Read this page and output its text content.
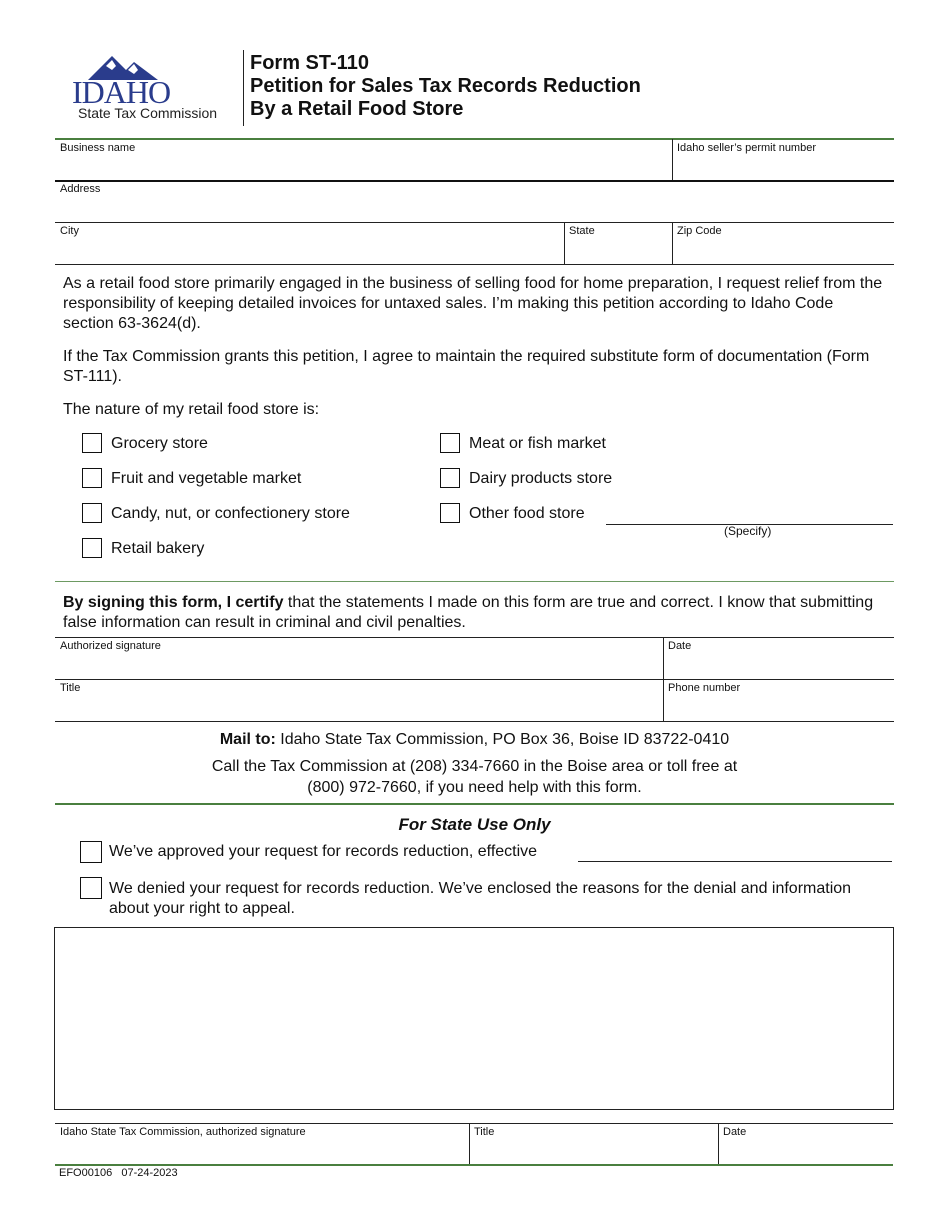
IDAHO
State Tax Commission
Form ST-110
Petition for Sales Tax Records Reduction
By a Retail Food Store
Business name	Idaho seller’s permit number
Address
City	State	Zip Code
As a retail food store primarily engaged in the business of selling food for home preparation, I request relief from the responsibility of keeping detailed invoices for untaxed sales. I’m making this petition according to Idaho Code section 63-3624(d).
If the Tax Commission grants this petition, I agree to maintain the required substitute form of documentation (Form ST-111).
The nature of my retail food store is:
Grocery store
Fruit and vegetable market
Candy, nut, or confectionery store
Retail bakery
Meat or fish market
Dairy products store
Other food store
(Specify)
By signing this form, I certify that the statements I made on this form are true and correct. I know that submitting false information can result in criminal and civil penalties.
Authorized signature	Date
Title	Phone number
Mail to: Idaho State Tax Commission, PO Box 36, Boise ID 83722-0410
Call the Tax Commission at (208) 334-7660 in the Boise area or toll free at
(800) 972-7660, if you need help with this form.
For State Use Only
We’ve approved your request for records reduction, effective
We denied your request for records reduction. We’ve enclosed the reasons for the denial and information about your right to appeal.
Idaho State Tax Commission, authorized signature	Title	Date
EFO00106   07-24-2023
